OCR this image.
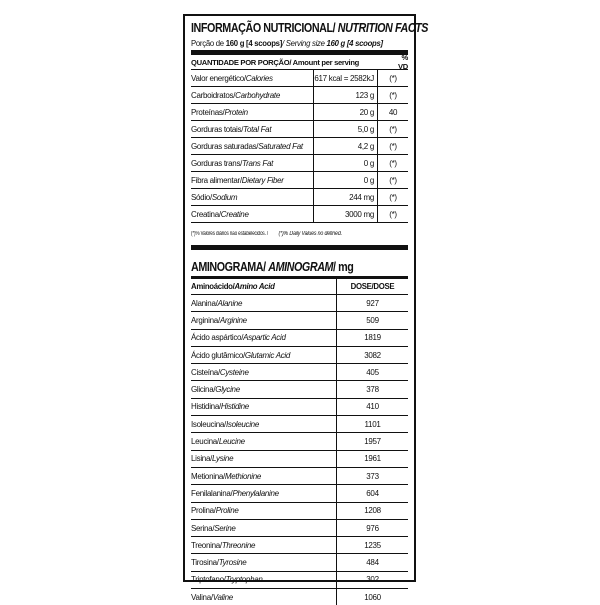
INFORMAÇÃO NUTRICIONAL/ NUTRITION FACTS
Porção de 160 g [4 scoops]/ Serving size 160 g [4 scoops]
QUANTIDADE POR PORÇÃO/ Amount per serving	% VD
Valor energético/ Calories	617 kcal = 2582kJ	(*)
Carboidratos/ Carbohydrate	123 g	(*)
Proteínas/ Protein	20 g	40
Gorduras totais/ Total Fat	5,0 g	(*)
Gorduras saturadas/ Saturated Fat	4,2 g	(*)
Gorduras trans/ Trans Fat	0 g	(*)
Fibra alimentar/ Dietary Fiber	0 g	(*)
Sódio/ Sodium	244 mg	(*)
Creatina/ Creatine	3000 mg	(*)
(*)% Valores diários não estabelecidos. /(*)% Daily Values no defined.
AMINOGRAMA/ AMINOGRAM/ mg
Aminoácido/ Amino Acid	DOSE/DOSE
Alanina/ Alanine	927
Arginina/ Arginine	509
Ácido aspártico/ Aspartic Acid	1819
Ácido glutâmico/ Glutamic Acid	3082
Cisteína/ Cysteine	405
Glicina/ Glycine	378
Histidina/ Histidine	410
Isoleucina/ Isoleucine	1101
Leucina/ Leucine	1957
Lisina/ Lysine	1961
Metionina/ Methionine	373
Fenilalanina/ Phenylalanine	604
Prolina/ Proline	1208
Serina/ Serine	976
Treonina/ Threonine	1235
Tirosina/ Tyrosine	484
Triptofano/ Tryptophan	302
Valina/ Valine	1060
